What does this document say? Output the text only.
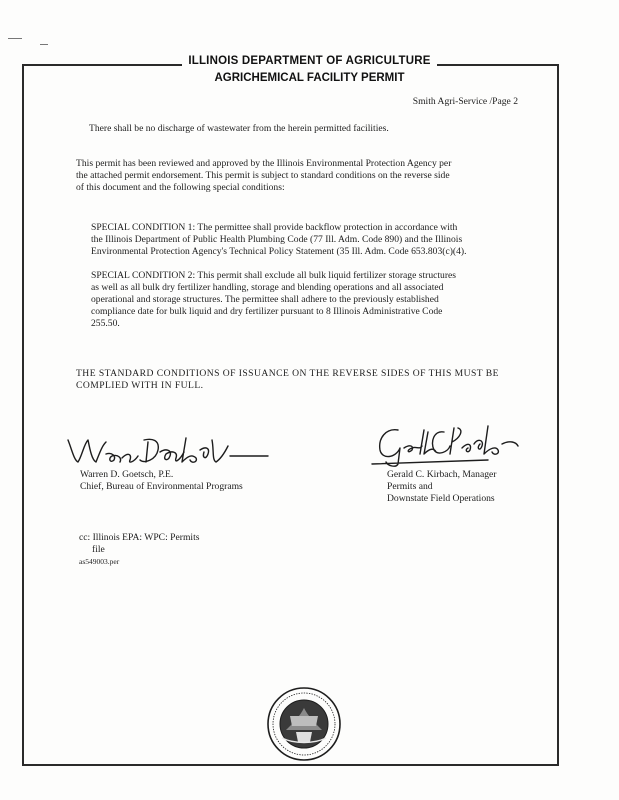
ILLINOIS DEPARTMENT OF AGRICULTURE
AGRICHEMICAL FACILITY PERMIT

Smith Agri-Service /Page 2

There shall be no discharge of wastewater from the herein permitted facilities.

This permit has been reviewed and approved by the Illinois Environmental Protection Agency per

the attached permit endorsement. This permit is subject to standard conditions on the reverse side

of this document and the following special conditions:

SPECIAL CONDITION 1: The permittee shall provide backflow protection in accordance with

the Illinois Department of Public Health Plumbing Code (77 Ill. Adm. Code 890) and the Illinois

Environmental Protection Agency's Technical Policy Statement (35 Ill. Adm. Code 653.803(c)(4).

SPECIAL CONDITION 2: This permit shall exclude all bulk liquid fertilizer storage structures

as well as all bulk dry fertilizer handling, storage and blending operations and all associated

operational and storage structures. The permittee shall adhere to the previously established

compliance date for bulk liquid and dry fertilizer pursuant to 8 Illinois Administrative Code

255.50.

THE STANDARD CONDITIONS OF ISSUANCE ON THE REVERSE SIDES OF THIS MUST BE

COMPLIED WITH IN FULL.

Warren D. Goetsch, P.E.

Chief, Bureau of Environmental Programs

Gerald C. Kirbach, Manager

Permits and

Downstate Field Operations

cc: Illinois EPA: WPC: Permits

file

as549003.per
